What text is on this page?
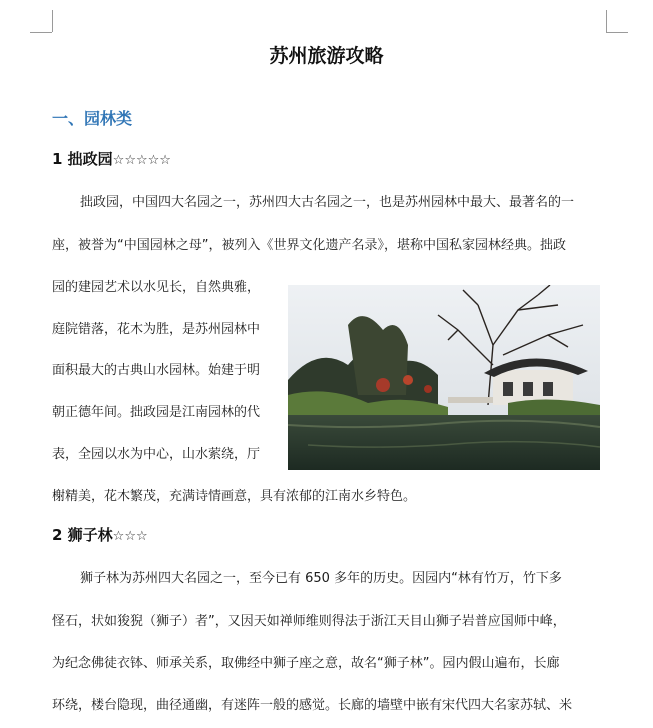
苏州旅游攻略
一、园林类
1 拙政园☆☆☆☆☆
拙政园，中国四大名园之一，苏州四大古名园之一，也是苏州园林中最大、最著名的一
座，被誉为“中国园林之母”，被列入《世界文化遗产名录》，堪称中国私家园林经典。拙政
园的建园艺术以水见长，自然典雅，
庭院错落，花木为胜，是苏州园林中
面积最大的古典山水园林。始建于明
朝正德年间。拙政园是江南园林的代
表，全园以水为中心，山水萦绕，厅
榭精美，花木繁茂，充满诗情画意，具有浓郁的江南水乡特色。
2 狮子林☆☆☆
狮子林为苏州四大名园之一，至今已有 650 多年的历史。因园内“林有竹万，竹下多
怪石，状如狻猊（狮子）者”，又因天如禅师维则得法于浙江天目山狮子岩普应国师中峰，
为纪念佛徒衣钵、师承关系，取佛经中狮子座之意，故名“狮子林”。园内假山遍布，长廊
环绕，楼台隐现，曲径通幽，有迷阵一般的感觉。长廊的墙壁中嵌有宋代四大名家苏轼、米
